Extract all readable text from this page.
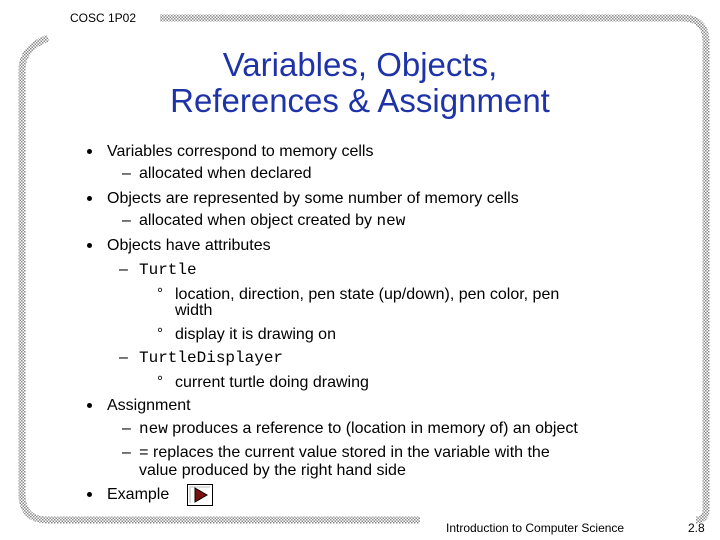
COSC 1P02
Variables, Objects,
References & Assignment
Variables correspond to memory cells
– allocated when declared
Objects are represented by some number of memory cells
– allocated when object created by new
Objects have attributes
– Turtle
° location, direction, pen state (up/down), pen color, pen
width
° display it is drawing on
– TurtleDisplayer
° current turtle doing drawing
Assignment
– new produces a reference to (location in memory of) an object
– = replaces the current value stored in the variable with the
value produced by the right hand side
Example
Introduction to Computer Science	2.8
